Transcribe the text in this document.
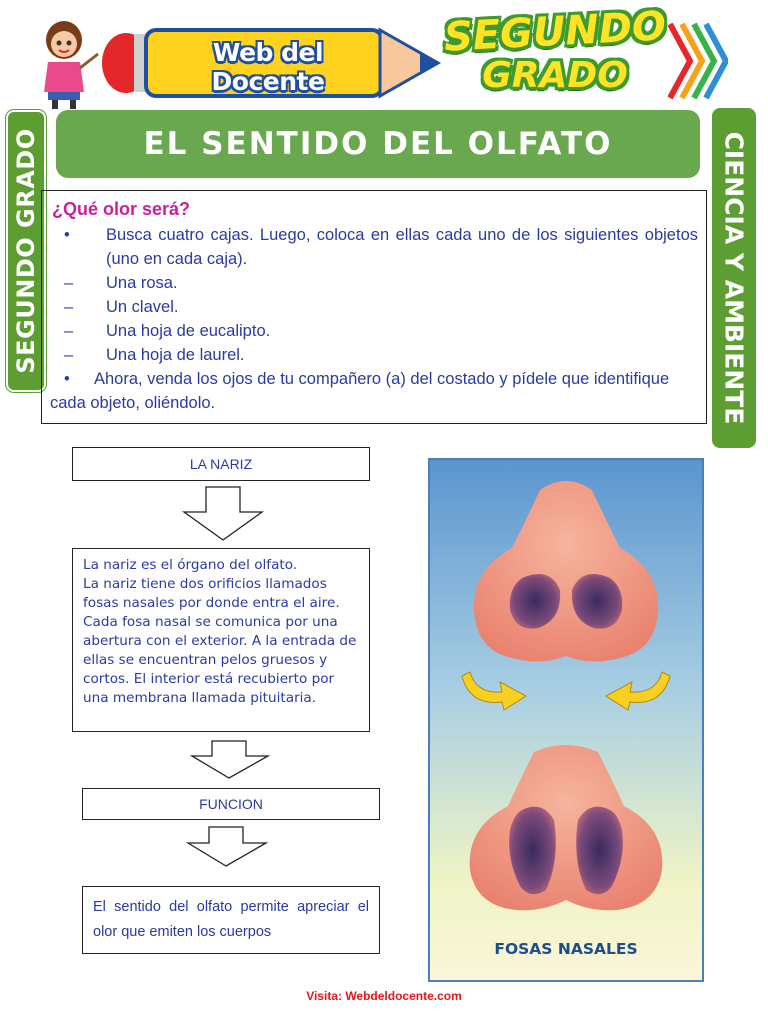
Web del Docente
SEGUNDO
GRADO
SEGUNDO GRADO	CIENCIA Y AMBIENTE
EL SENTIDO DEL OLFATO
¿Qué olor será?
•	Busca cuatro cajas. Luego, coloca en ellas cada uno de los siguientes objetos (uno en cada caja).
–	Una rosa.
–	Un clavel.
–	Una hoja de eucalipto.
–	Una hoja de laurel.
• Ahora, venda los ojos de tu compañero (a) del costado y pídele que identifique cada objeto, oliéndolo.
LA NARIZ
La nariz es el órgano del olfato.
La nariz tiene dos orificios llamados fosas nasales por donde entra el aire.
Cada fosa nasal se comunica por una abertura con el exterior. A la entrada de ellas se encuentran pelos gruesos y cortos. El interior está recubierto por una membrana llamada pituitaria.
FUNCION
El sentido del olfato permite apreciar el olor que emiten los cuerpos
FOSAS NASALES
Visita: Webdeldocente.com
